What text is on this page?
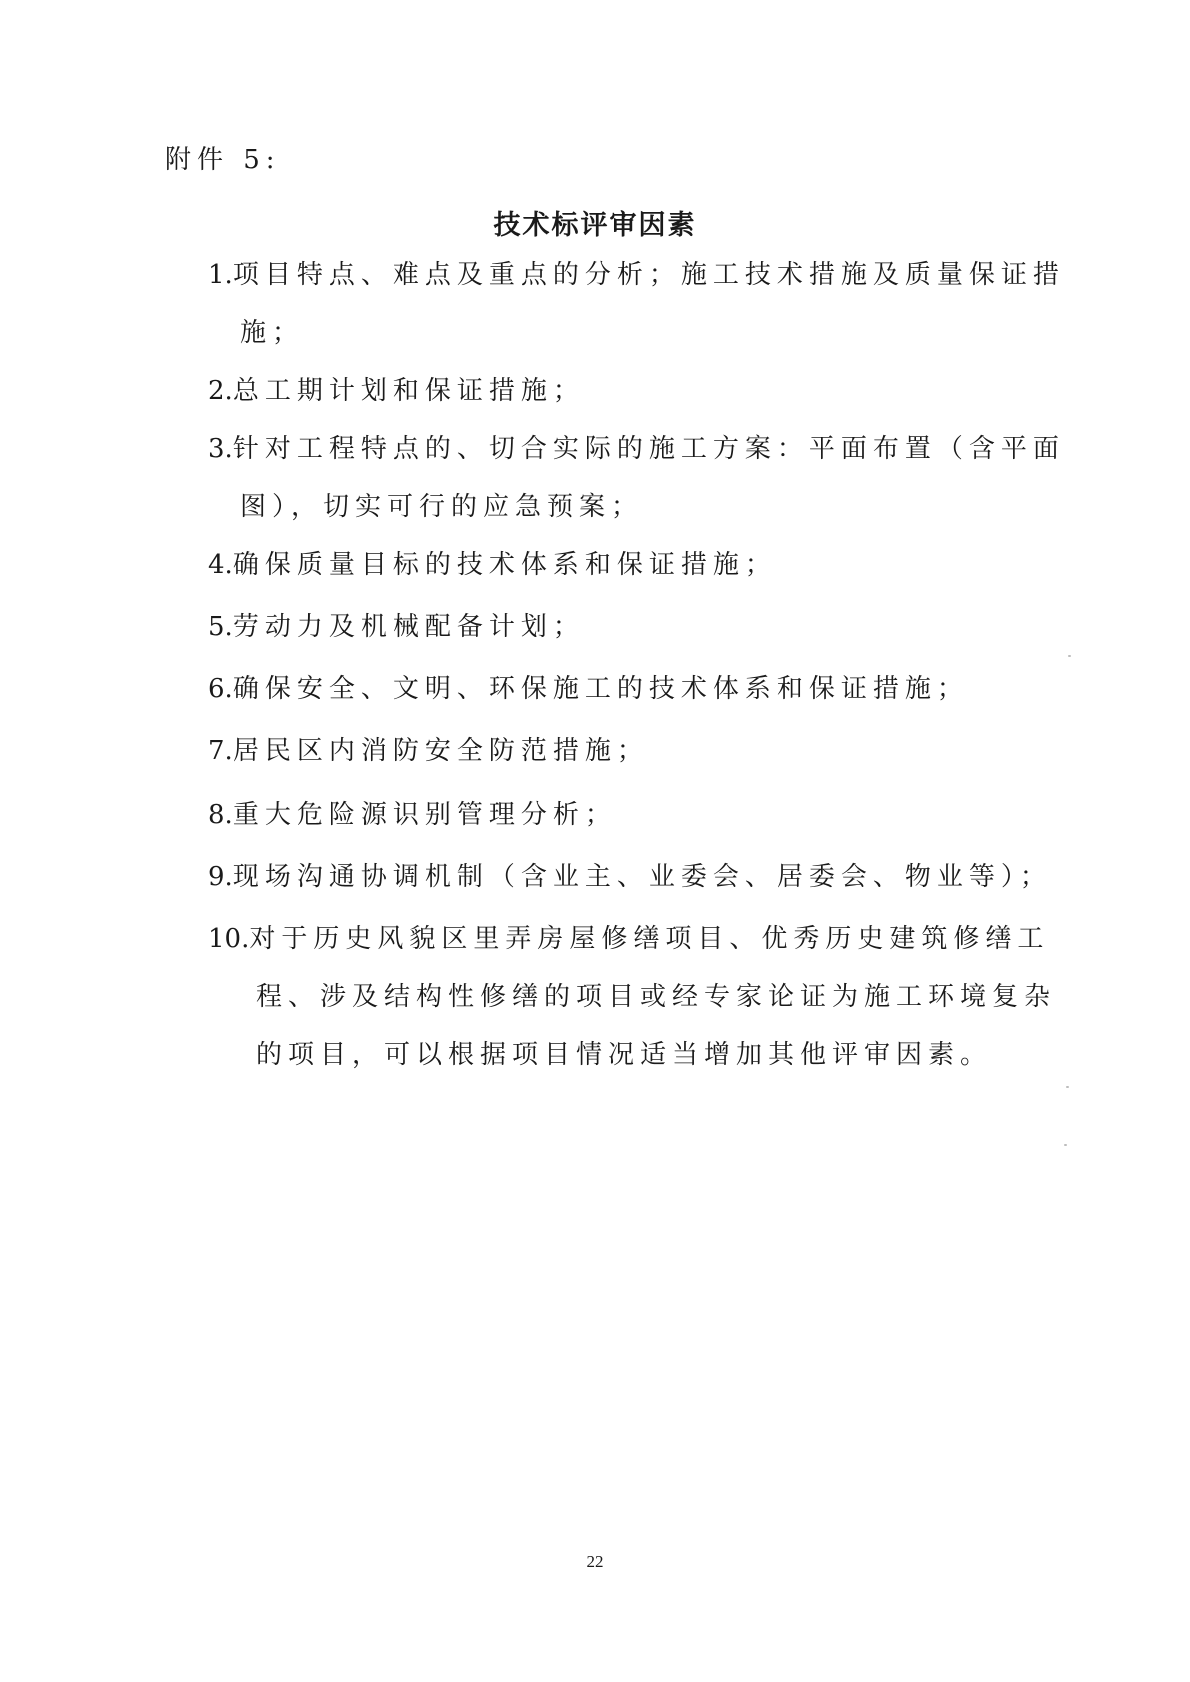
附件 5:
技术标评审因素
1.项目特点、难点及重点的分析；施工技术措施及质量保证措
施；
2.总工期计划和保证措施；
3.针对工程特点的、切合实际的施工方案：平面布置（含平面
图），切实可行的应急预案；
4.确保质量目标的技术体系和保证措施；
5.劳动力及机械配备计划；
6.确保安全、文明、环保施工的技术体系和保证措施；
7.居民区内消防安全防范措施；
8.重大危险源识别管理分析；
9.现场沟通协调机制（含业主、业委会、居委会、物业等）；
10.对于历史风貌区里弄房屋修缮项目、优秀历史建筑修缮工
程、涉及结构性修缮的项目或经专家论证为施工环境复杂
的项目，可以根据项目情况适当增加其他评审因素。
22
